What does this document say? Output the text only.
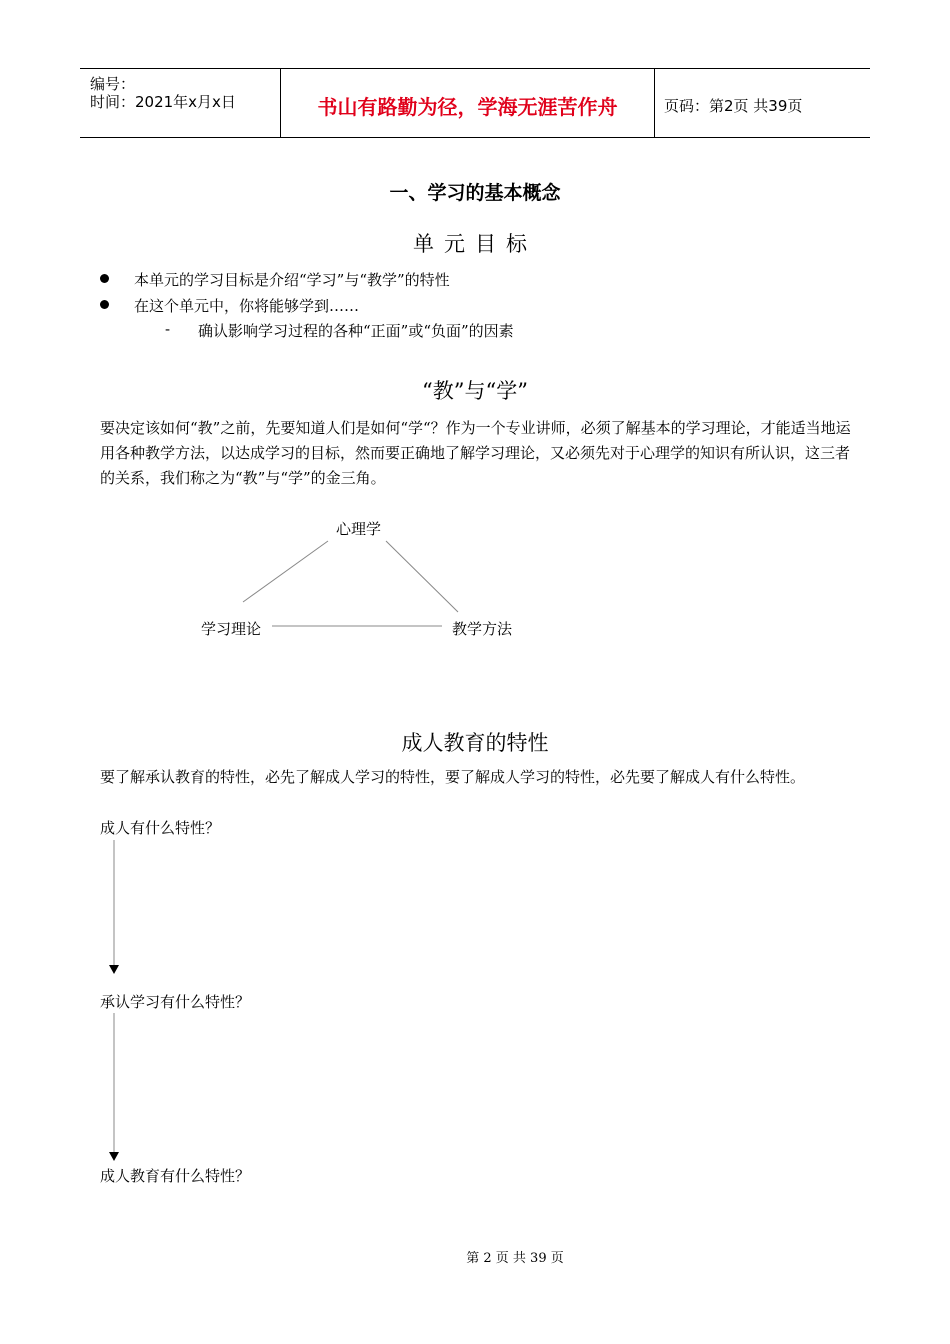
编号：
时间：2021年x月x日	书山有路勤为径，学海无涯苦作舟	页码：第2页 共39页
一、学习的基本概念
单元目标
本单元的学习目标是介绍“学习”与“教学”的特性
在这个单元中，你将能够学到……
- 确认影响学习过程的各种“正面”或“负面”的因素
“教”与“学”
要决定该如何“教”之前，先要知道人们是如何“学“？作为一个专业讲师，必须了解基本的学习理论，才能适当地运用各种教学方法，以达成学习的目标，然而要正确地了解学习理论，又必须先对于心理学的知识有所认识，这三者的关系，我们称之为“教”与“学”的金三角。
心理学
学习理论	教学方法
成人教育的特性
要了解承认教育的特性，必先了解成人学习的特性，要了解成人学习的特性，必先要了解成人有什么特性。
成人有什么特性？
承认学习有什么特性？
成人教育有什么特性？
第 2 页 共 39 页
